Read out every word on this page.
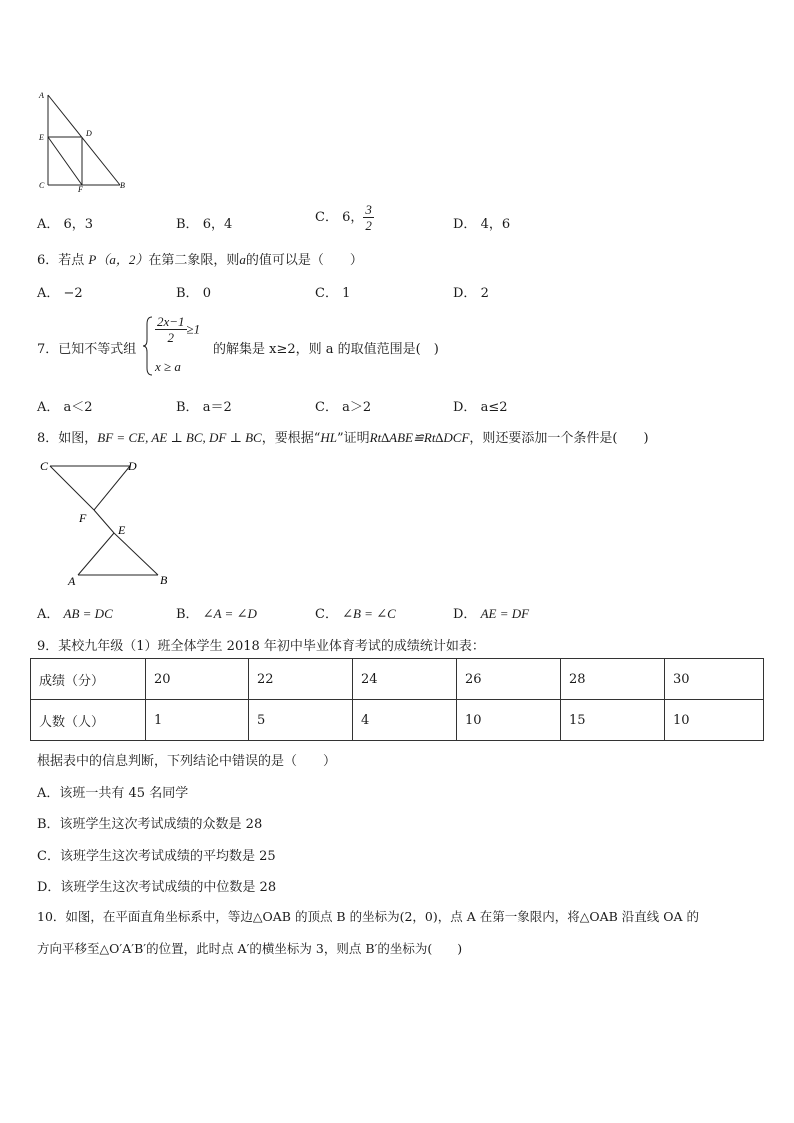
A
E	D
C	F	B
A． 6，3	B． 6，4	C． 6， $\frac{3}{2}$	D． 4，6
6．若点 P（a，2）在第二象限，则a的值可以是（　　）
A． −2	B． 0	C． 1	D． 2
7．已知不等式组
$\frac{2x-1}{2} \ge 1$
x ≥ a
的解集是 x≥2，则 a 的取值范围是(　)
A． a＜2	B． a＝2	C． a＞2	D． a≤2
8．如图，BF = CE, AE ⊥ BC, DF ⊥ BC，要根据“HL”证明Rt∆ABE≌Rt∆DCF，则还要添加一个条件是(　　)
C	D
F
E
A	B
A． AB = DC	B． ∠A = ∠D	C． ∠B = ∠C	D． AE = DF
9．某校九年级（1）班全体学生 2018 年初中毕业体育考试的成绩统计如表：
成绩（分）	20	22	24	26	28	30
人数（人）	1	5	4	10	15	10
根据表中的信息判断，下列结论中错误的是（　　）
A．该班一共有 45 名同学
B．该班学生这次考试成绩的众数是 28
C．该班学生这次考试成绩的平均数是 25
D．该班学生这次考试成绩的中位数是 28
10．如图，在平面直角坐标系中，等边△OAB 的顶点 B 的坐标为(2，0)，点 A 在第一象限内，将△OAB 沿直线 OA 的
方向平移至△O′A′B′的位置，此时点 A′的横坐标为 3，则点 B′的坐标为(　　)
